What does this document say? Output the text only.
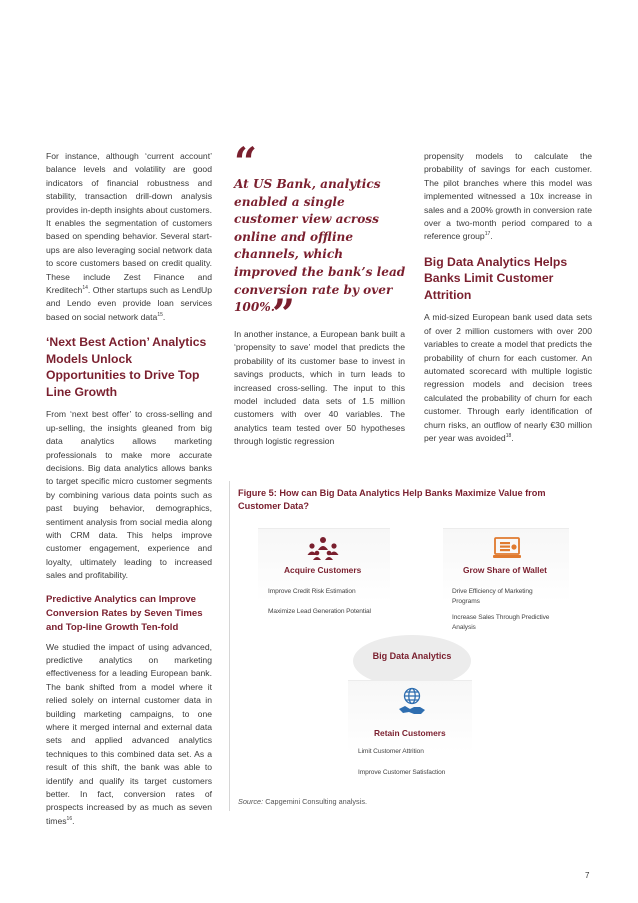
For instance, although ‘current account’ balance levels and volatility are good indicators of financial robustness and stability, transaction drill-down analysis provides in-depth insights about customers. It enables the segmentation of customers based on spending behavior. Several start-ups are also leveraging social network data to score customers based on credit quality. These include Zest Finance and Kreditech$^{14}$. Other startups such as LendUp and Lendo even provide loan services based on social network data$^{15}$.

‘Next Best Action’ Analytics Models Unlock Opportunities to Drive Top Line Growth

From ‘next best offer’ to cross-selling and up-selling, the insights gleaned from big data analytics allows marketing professionals to make more accurate decisions. Big data analytics allows banks to target specific micro customer segments by combining various data points such as past buying behavior, demographics, sentiment analysis from social media along with CRM data. This helps improve customer engagement, experience and loyalty, ultimately leading to increased sales and profitability.

Predictive Analytics can Improve Conversion Rates by Seven Times and Top-line Growth Ten-fold

We studied the impact of using advanced, predictive analytics on marketing effectiveness for a leading European bank. The bank shifted from a model where it relied solely on internal customer data in building marketing campaigns, to one where it merged internal and external data sets and applied advanced analytics techniques to this combined data set. As a result of this shift, the bank was able to identify and qualify its target customers better. In fact, conversion rates of prospects increased by as much as seven times$^{16}$.

“
At US Bank, analytics enabled a single customer view across online and offline channels, which improved the bank’s lead conversion rate by over 100%.
”

In another instance, a European bank built a ‘propensity to save’ model that predicts the probability of its customer base to invest in savings products, which in turn leads to increased cross-selling. The input to this model included data sets of 1.5 million customers with over 40 variables. The analytics team tested over 50 hypotheses through logistic regression

propensity models to calculate the probability of savings for each customer. The pilot branches where this model was implemented witnessed a 10x increase in sales and a 200% growth in conversion rate over a two-month period compared to a reference group$^{17}$.

Big Data Analytics Helps Banks Limit Customer Attrition

A mid-sized European bank used data sets of over 2 million customers with over 200 variables to create a model that predicts the probability of churn for each customer. An automated scorecard with multiple logistic regression models and decision trees calculated the probability of churn for each customer. Through early identification of churn risks, an outflow of nearly €30 million per year was avoided$^{18}$.

Figure 5: How can Big Data Analytics Help Banks Maximize Value from Customer Data?
Big Data Analytics
Acquire Customers
Improve Credit Risk Estimation
Maximize Lead Generation Potential
Grow Share of Wallet
Drive Efficiency of Marketing Programs
Increase Sales Through Predictive Analysis
Retain Customers
Limit Customer Attrition
Improve Customer Satisfaction
Source: Capgemini Consulting analysis.
7
